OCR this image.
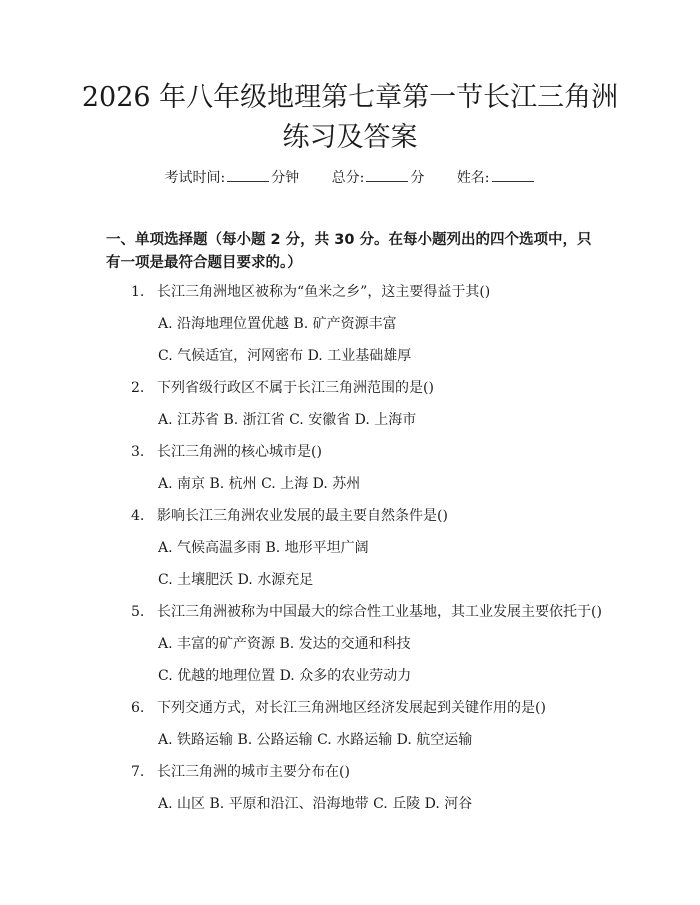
2026 年八年级地理第七章第一节长江三角洲
练习及答案
考试时间:	分钟 总分:	分 姓名:

一、单项选择题（每小题 2 分，共 30 分。在每小题列出的四个选项中，只有一项是最符合题目要求的。）

1. 长江三角洲地区被称为“鱼米之乡”，这主要得益于其()
A. 沿海地理位置优越 B. 矿产资源丰富
C. 气候适宜，河网密布 D. 工业基础雄厚
2. 下列省级行政区不属于长江三角洲范围的是()
A. 江苏省 B. 浙江省 C. 安徽省 D. 上海市
3. 长江三角洲的核心城市是()
A. 南京 B. 杭州 C. 上海 D. 苏州
4. 影响长江三角洲农业发展的最主要自然条件是()
A. 气候高温多雨 B. 地形平坦广阔
C. 土壤肥沃 D. 水源充足
5. 长江三角洲被称为中国最大的综合性工业基地，其工业发展主要依托于()
A. 丰富的矿产资源 B. 发达的交通和科技
C. 优越的地理位置 D. 众多的农业劳动力
6. 下列交通方式，对长江三角洲地区经济发展起到关键作用的是()
A. 铁路运输 B. 公路运输 C. 水路运输 D. 航空运输
7. 长江三角洲的城市主要分布在()
A. 山区 B. 平原和沿江、沿海地带 C. 丘陵 D. 河谷
